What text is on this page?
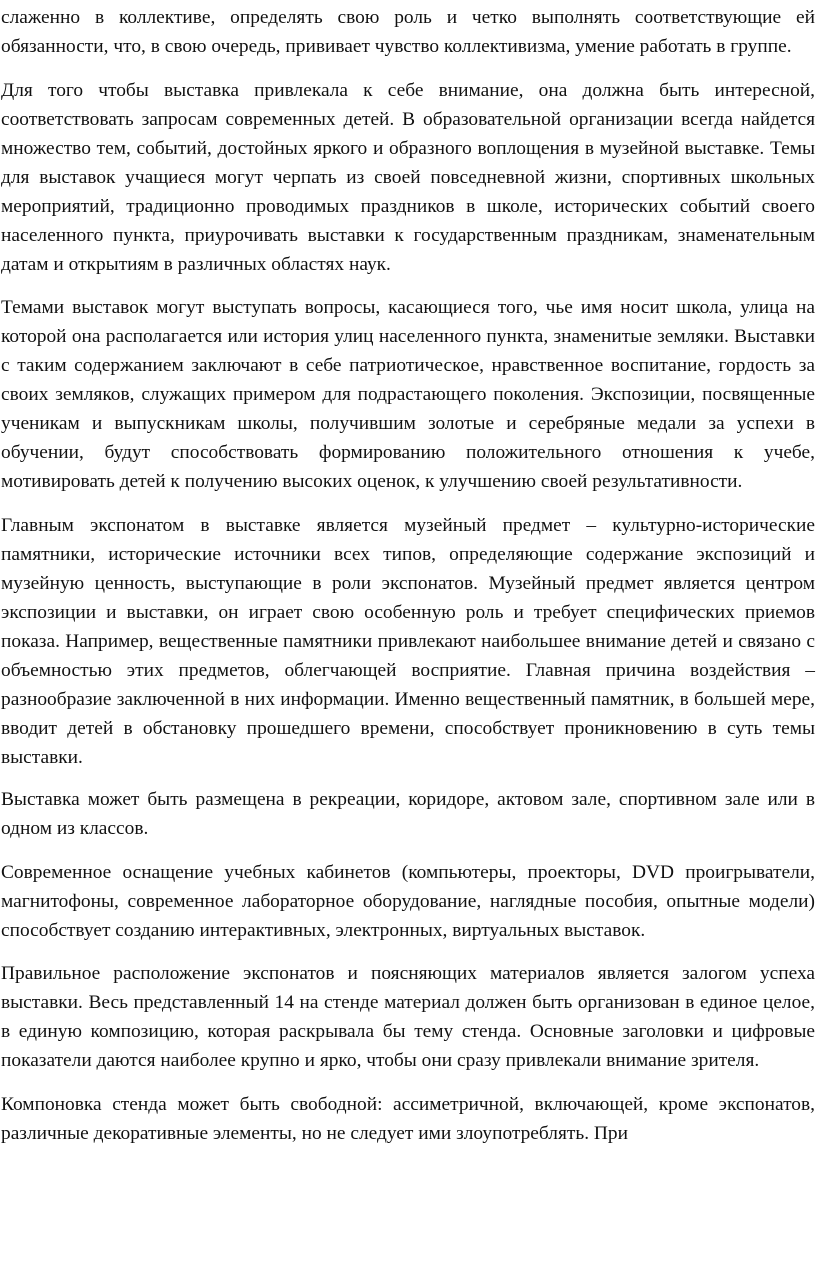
слаженно в коллективе, определять свою роль и четко выполнять соответствующие ей обязанности, что, в свою очередь, прививает чувство коллективизма, умение работать в группе.

Для того чтобы выставка привлекала к себе внимание, она должна быть интересной, соответствовать запросам современных детей. В образовательной организации всегда найдется множество тем, событий, достойных яркого и образного воплощения в музейной выставке. Темы для выставок учащиеся могут черпать из своей повседневной жизни, спортивных школьных мероприятий, традиционно проводимых праздников в школе, исторических событий своего населенного пункта, приурочивать выставки к государственным праздникам, знаменательным датам и открытиям в различных областях наук.

Темами выставок могут выступать вопросы, касающиеся того, чье имя носит школа, улица на которой она располагается или история улиц населенного пункта, знаменитые земляки. Выставки с таким содержанием заключают в себе патриотическое, нравственное воспитание, гордость за своих земляков, служащих примером для подрастающего поколения. Экспозиции, посвященные ученикам и выпускникам школы, получившим золотые и серебряные медали за успехи в обучении, будут способствовать формированию положительного отношения к учебе, мотивировать детей к получению высоких оценок, к улучшению своей результативности.

Главным экспонатом в выставке является музейный предмет – культурно-исторические памятники, исторические источники всех типов, определяющие содержание экспозиций и музейную ценность, выступающие в роли экспонатов. Музейный предмет является центром экспозиции и выставки, он играет свою особенную роль и требует специфических приемов показа. Например, вещественные памятники привлекают наибольшее внимание детей и связано с объемностью этих предметов, облегчающей восприятие. Главная причина воздействия – разнообразие заключенной в них информации. Именно вещественный памятник, в большей мере, вводит детей в обстановку прошедшего времени, способствует проникновению в суть темы выставки.

Выставка может быть размещена в рекреации, коридоре, актовом зале, спортивном зале или в одном из классов.

Современное оснащение учебных кабинетов (компьютеры, проекторы, DVD проигрыватели, магнитофоны, современное лабораторное оборудование, наглядные пособия, опытные модели) способствует созданию интерактивных, электронных, виртуальных выставок.

Правильное расположение экспонатов и поясняющих материалов является залогом успеха выставки. Весь представленный 14 на стенде материал должен быть организован в единое целое, в единую композицию, которая раскрывала бы тему стенда. Основные заголовки и цифровые показатели даются наиболее крупно и ярко, чтобы они сразу привлекали внимание зрителя.

Компоновка стенда может быть свободной: ассиметричной, включающей, кроме экспонатов, различные декоративные элементы, но не следует ими злоупотреблять. При
